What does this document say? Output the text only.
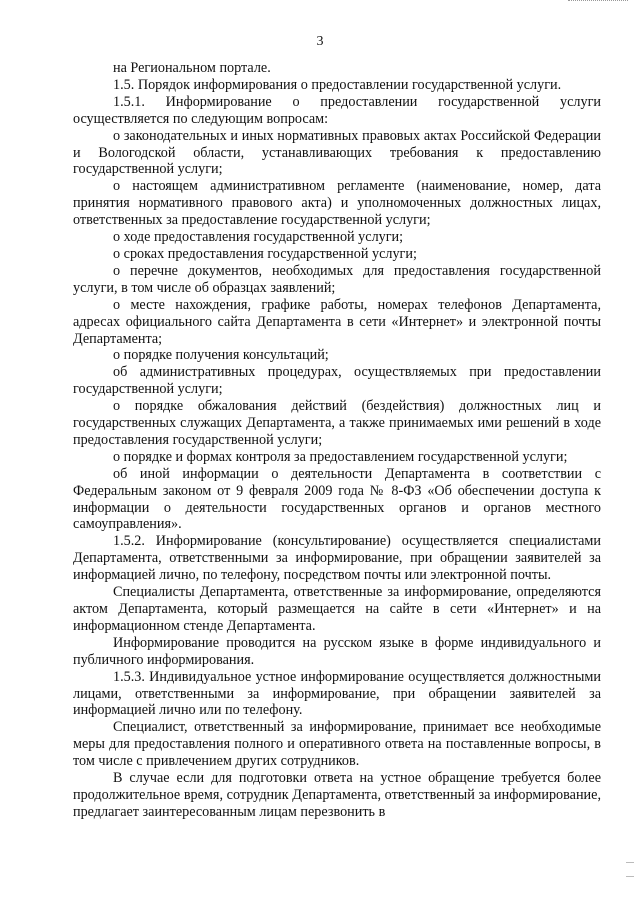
3

на Региональном портале.

1.5. Порядок информирования о предоставлении государственной услуги.

1.5.1. Информирование о предоставлении государственной услуги осуществляется по следующим вопросам:

о законодательных и иных нормативных правовых актах Российской Федерации и Вологодской области, устанавливающих требования к предоставлению государственной услуги;

о настоящем административном регламенте (наименование, номер, дата принятия нормативного правового акта) и уполномоченных должностных лицах, ответственных за предоставление государственной услуги;

о ходе предоставления государственной услуги;

о сроках предоставления государственной услуги;

о перечне документов, необходимых для предоставления государственной услуги, в том числе об образцах заявлений;

о месте нахождения, графике работы, номерах телефонов Департамента, адресах официального сайта Департамента в сети «Интернет» и электронной почты Департамента;

о порядке получения консультаций;

об административных процедурах, осуществляемых при предоставлении государственной услуги;

о порядке обжалования действий (бездействия) должностных лиц и государственных служащих Департамента, а также принимаемых ими решений в ходе предоставления государственной услуги;

о порядке и формах контроля за предоставлением государственной услуги;

об иной информации о деятельности Департамента в соответствии с Федеральным законом от 9 февраля 2009 года № 8-ФЗ «Об обеспечении доступа к информации о деятельности государственных органов и органов местного самоуправления».

1.5.2. Информирование (консультирование) осуществляется специалистами Департамента, ответственными за информирование, при обращении заявителей за информацией лично, по телефону, посредством почты или электронной почты.

Специалисты Департамента, ответственные за информирование, определяются актом Департамента, который размещается на сайте в сети «Интернет» и на информационном стенде Департамента.

Информирование проводится на русском языке в форме индивидуального и публичного информирования.

1.5.3. Индивидуальное устное информирование осуществляется должностными лицами, ответственными за информирование, при обращении заявителей за информацией лично или по телефону.

Специалист, ответственный за информирование, принимает все необходимые меры для предоставления полного и оперативного ответа на поставленные вопросы, в том числе с привлечением других сотрудников.

В случае если для подготовки ответа на устное обращение требуется более продолжительное время, сотрудник Департамента, ответственный за информирование, предлагает заинтересованным лицам перезвонить в
